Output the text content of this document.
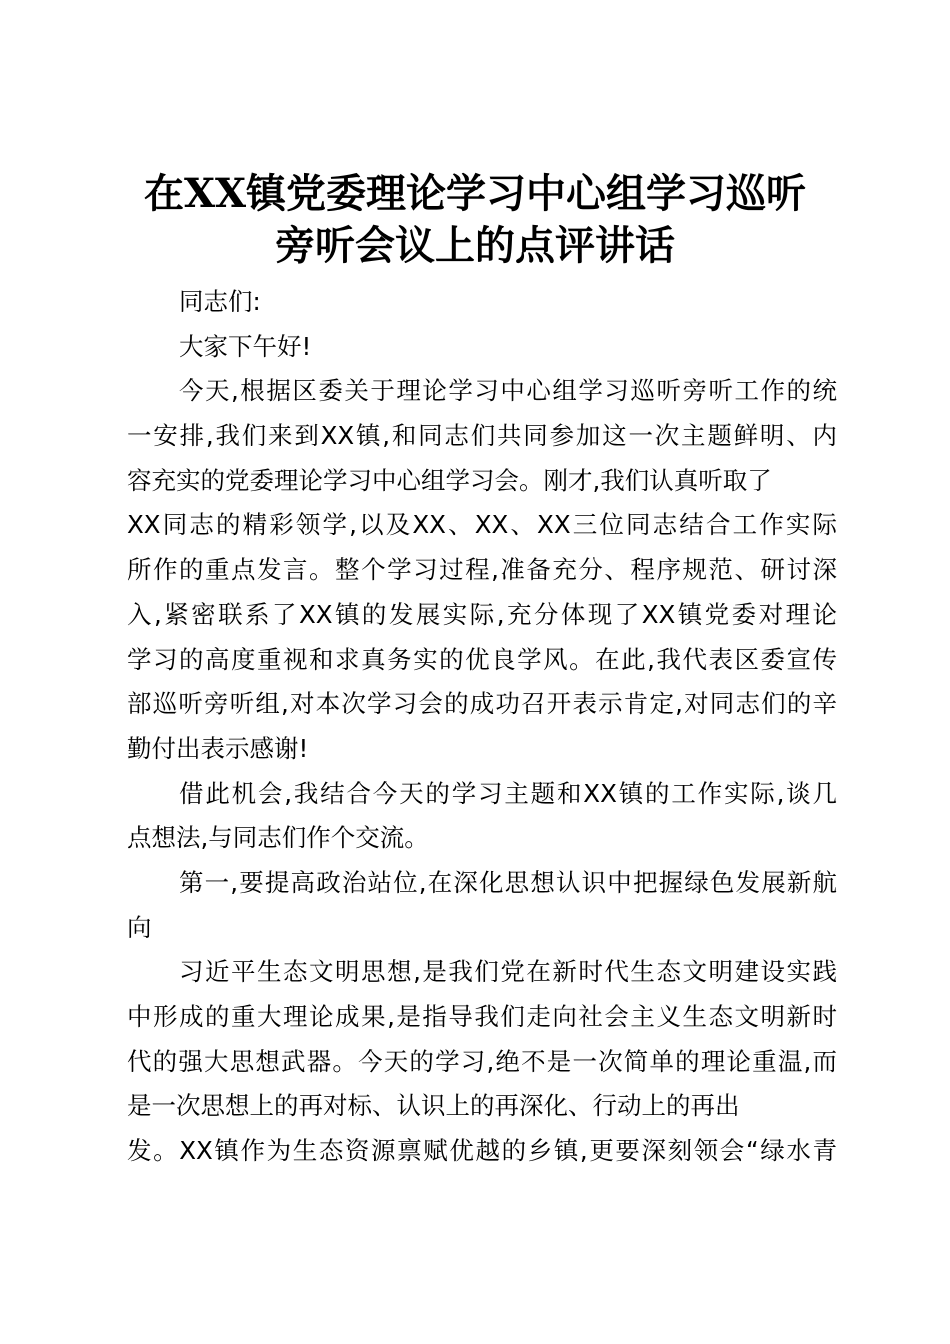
在XX镇党委理论学习中心组学习巡听
旁听会议上的点评讲话
同志们:
大家下午好!
今天,根据区委关于理论学习中心组学习巡听旁听工作的统
一安排,我们来到XX镇,和同志们共同参加这一次主题鲜明、内
容充实的党委理论学习中心组学习会。刚才,我们认真听取了
XX同志的精彩领学,以及XX、XX、XX三位同志结合工作实际
所作的重点发言。整个学习过程,准备充分、程序规范、研讨深
入,紧密联系了XX镇的发展实际,充分体现了XX镇党委对理论
学习的高度重视和求真务实的优良学风。在此,我代表区委宣传
部巡听旁听组,对本次学习会的成功召开表示肯定,对同志们的辛
勤付出表示感谢!
借此机会,我结合今天的学习主题和XX镇的工作实际,谈几
点想法,与同志们作个交流。
第一,要提高政治站位,在深化思想认识中把握绿色发展新航
向
习近平生态文明思想,是我们党在新时代生态文明建设实践
中形成的重大理论成果,是指导我们走向社会主义生态文明新时
代的强大思想武器。今天的学习,绝不是一次简单的理论重温,而
是一次思想上的再对标、认识上的再深化、行动上的再出
发。XX镇作为生态资源禀赋优越的乡镇,更要深刻领会“绿水青
